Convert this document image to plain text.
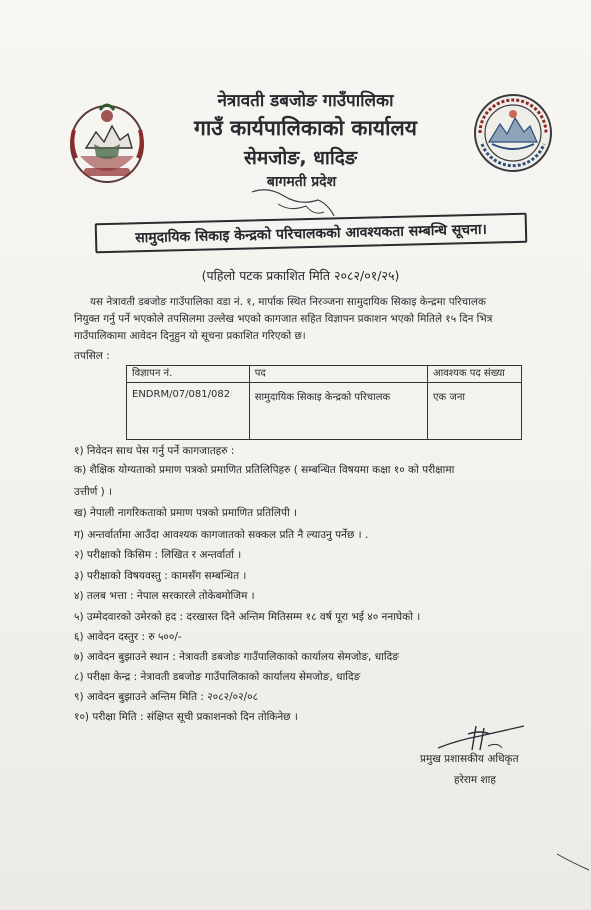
नेत्रावती डबजोङ गाउँपालिका
गाउँ कार्यपालिकाको कार्यालय
सेमजोङ, धादिङ
बागमती प्रदेश
सामुदायिक सिकाइ केन्द्रको परिचालकको आवश्यकता सम्बन्धि सूचना।
(पहिलो पटक प्रकाशित मिति २०८२/०१/२५)
यस नेत्रावती डबजोङ गाउँपालिका वडा नं. १, मार्पाक स्थित निरञ्जना सामुदायिक सिकाइ केन्द्रमा परिचालक
नियुक्त गर्नु पर्ने भएकोले तपसिलमा उल्लेख भएको कागजात सहित विज्ञापन प्रकाशन भएको मितिले १५ दिन भित्र
गाउँपालिकामा आवेदन दिनुहुन यो सूचना प्रकाशित गरिएको छ।
तपसिल :
विज्ञापन नं.	पद	आवश्यक पद संख्या
ENDRM/07/081/082	सामुदायिक सिकाइ केन्द्रको परिचालक	एक जना
१) निवेदन साथ पेस गर्नु पर्ने कागजातहरु :
क) शैक्षिक योग्यताको प्रमाण पत्रको प्रमाणित प्रतिलिपिहरु ( सम्बन्धित विषयमा कक्षा १० को परीक्षामा
उत्तीर्ण ) ।
ख) नेपाली नागरिकताको प्रमाण पत्रको प्रमाणित प्रतिलिपी ।
ग) अन्तर्वार्तामा आउँदा आवश्यक कागजातको सक्कल प्रति नै ल्याउनु पर्नेछ । .
२) परीक्षाको किसिम : लिखित र अन्तर्वार्ता ।
३) परीक्षाको विषयवस्तु : कामसँग सम्बन्धित ।
४) तलब भत्ता : नेपाल सरकारले तोकेबमोजिम ।
५) उम्मेदवारको उमेरको हद : दरखास्त दिने अन्तिम मितिसम्म १८ वर्ष पूरा भई ४० ननाघेको ।
६) आवेदन दस्तुर : रु ५००/-
७) आवेदन बुझाउने स्थान : नेत्रावती डबजोङ गाउँपालिकाको कार्यालय सेमजोङ, धादिङ
८) परीक्षा केन्द्र : नेत्रावती डबजोङ गाउँपालिकाको कार्यालय सेमजोङ, धादिङ
९) आवेदन बुझाउने अन्तिम मिति : २०८२/०२/०८
१०) परीक्षा मिति : संक्षिप्त सूची प्रकाशनको दिन तोकिनेछ ।
प्रमुख प्रशासकीय अधिकृत
हरेराम शाह
